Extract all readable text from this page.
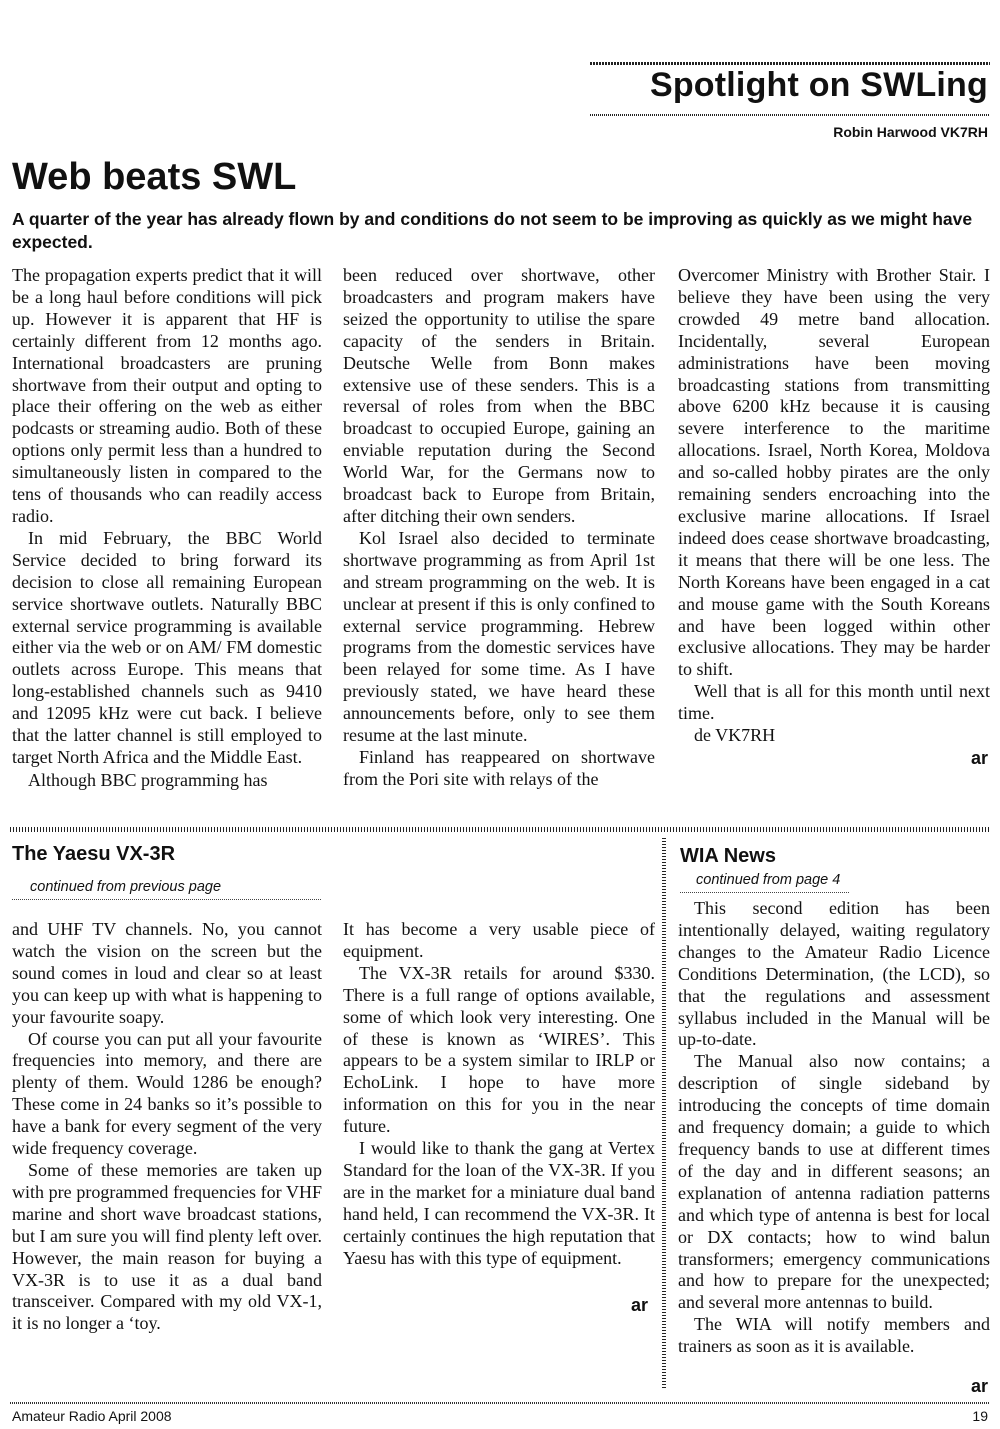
Spotlight on SWLing
Robin Harwood VK7RH
Web beats SWL
A quarter of the year has already flown by and conditions do not seem to be improving as quickly as we might have expected.

The propagation experts predict that it will be a long haul before conditions will pick up. However it is apparent that HF is certainly different from 12 months ago. International broadcasters are pruning shortwave from their output and opting to place their offering on the web as either podcasts or streaming audio. Both of these options only permit less than a hundred to simultaneously listen in compared to the tens of thousands who can readily access radio.

In mid February, the BBC World Service decided to bring forward its decision to close all remaining European service shortwave outlets. Naturally BBC external service programming is available either via the web or on AM/ FM domestic outlets across Europe. This means that long-established channels such as 9410 and 12095 kHz were cut back. I believe that the latter channel is still employed to target North Africa and the Middle East.

Although BBC programming has

been reduced over shortwave, other broadcasters and program makers have seized the opportunity to utilise the spare capacity of the senders in Britain. Deutsche Welle from Bonn makes extensive use of these senders. This is a reversal of roles from when the BBC broadcast to occupied Europe, gaining an enviable reputation during the Second World War, for the Germans now to broadcast back to Europe from Britain, after ditching their own senders.

Kol Israel also decided to terminate shortwave programming as from April 1st and stream programming on the web. It is unclear at present if this is only confined to external service programming. Hebrew programs from the domestic services have been relayed for some time. As I have previously stated, we have heard these announcements before, only to see them resume at the last minute.

Finland has reappeared on shortwave from the Pori site with relays of the

Overcomer Ministry with Brother Stair. I believe they have been using the very crowded 49 metre band allocation. Incidentally, several European administrations have been moving broadcasting stations from transmitting above 6200 kHz because it is causing severe interference to the maritime allocations. Israel, North Korea, Moldova and so-called hobby pirates are the only remaining senders encroaching into the exclusive marine allocations. If Israel indeed does cease shortwave broadcasting, it means that there will be one less. The North Koreans have been engaged in a cat and mouse game with the South Koreans and have been logged within other exclusive allocations. They may be harder to shift.

Well that is all for this month until next time.

de VK7RH

ar
The Yaesu VX-3R
continued from previous page

and UHF TV channels. No, you cannot watch the vision on the screen but the sound comes in loud and clear so at least you can keep up with what is happening to your favourite soapy.

Of course you can put all your favourite frequencies into memory, and there are plenty of them. Would 1286 be enough? These come in 24 banks so it’s possible to have a bank for every segment of the very wide frequency coverage.

Some of these memories are taken up with pre programmed frequencies for VHF marine and short wave broadcast stations, but I am sure you will find plenty left over. However, the main reason for buying a VX-3R is to use it as a dual band transceiver. Compared with my old VX-1, it is no longer a ‘toy.

It has become a very usable piece of equipment.

The VX-3R retails for around $330. There is a full range of options available, some of which look very interesting. One of these is known as ‘WIRES’. This appears to be a system similar to IRLP or EchoLink. I hope to have more information on this for you in the near future.

I would like to thank the gang at Vertex Standard for the loan of the VX-3R. If you are in the market for a miniature dual band hand held, I can recommend the VX-3R. It certainly continues the high reputation that Yaesu has with this type of equipment.

ar
WIA News
continued from page 4

This second edition has been intentionally delayed, waiting regulatory changes to the Amateur Radio Licence Conditions Determination, (the LCD), so that the regulations and assessment syllabus included in the Manual will be up-to-date.

The Manual also now contains; a description of single sideband by introducing the concepts of time domain and frequency domain; a guide to which frequency bands to use at different times of the day and in different seasons; an explanation of antenna radiation patterns and which type of antenna is best for local or DX contacts; how to wind balun transformers; emergency communications and how to prepare for the unexpected; and several more antennas to build.

The WIA will notify members and trainers as soon as it is available.

ar
Amateur Radio April 2008	19
